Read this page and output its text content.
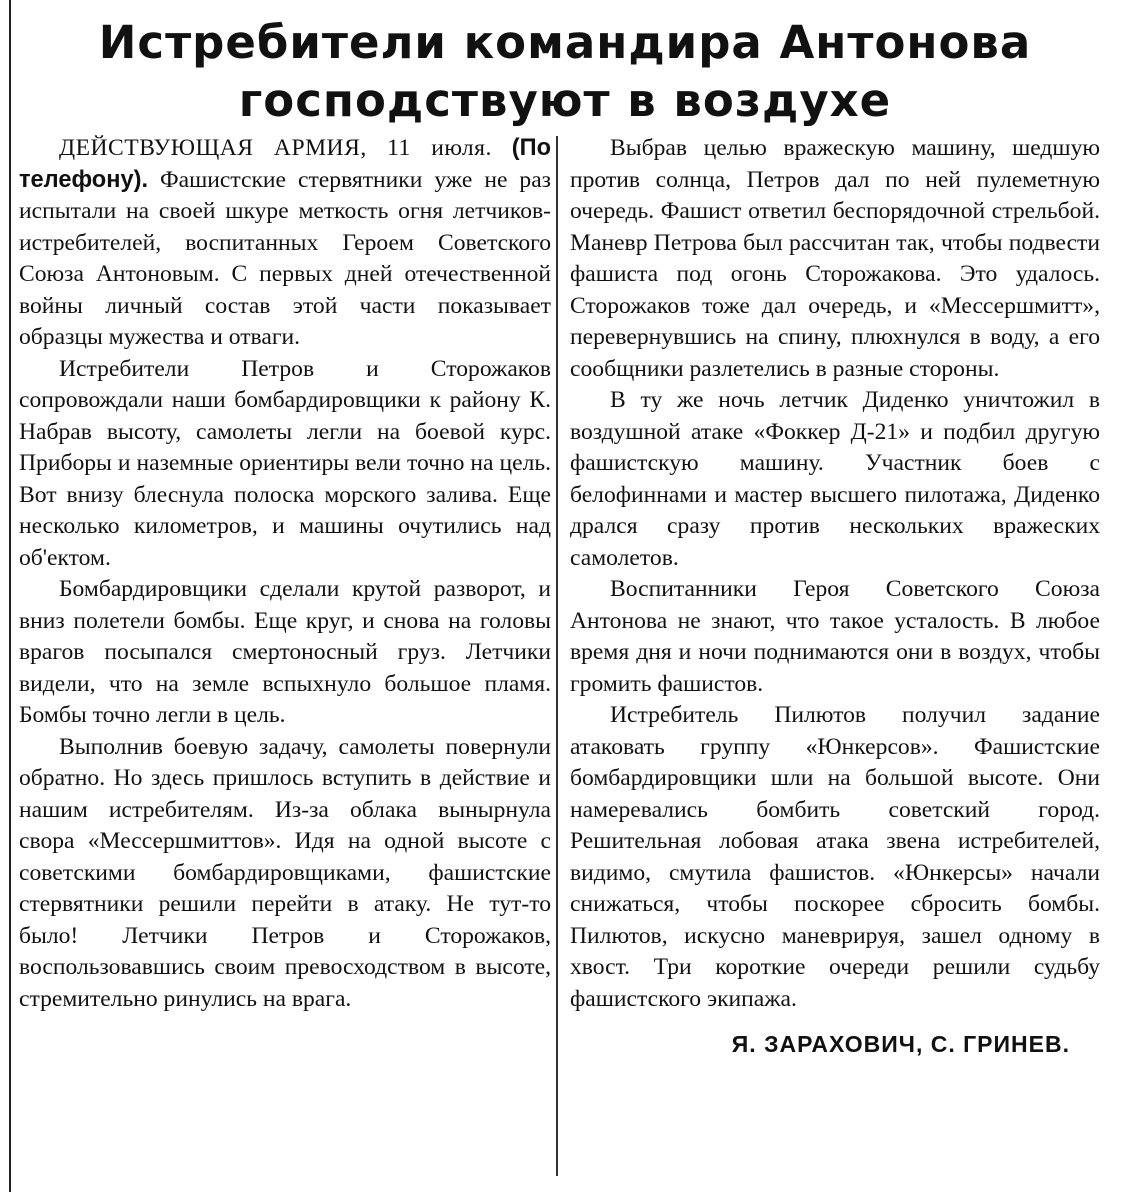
Истребители командира Антонова
господствуют в воздухе

ДЕЙСТВУЮЩАЯ АРМИЯ, 11 июля. (По телефону). Фашистские стервятники уже не раз испытали на своей шкуре меткость огня летчиков-истребителей, воспитанных Героем Советского Союза Антоновым. С первых дней отечественной войны личный состав этой части показывает образцы мужества и отваги.

Истребители Петров и Сторожаков сопровождали наши бомбардировщики к району К. Набрав высоту, самолеты легли на боевой курс. Приборы и наземные ориентиры вели точно на цель. Вот внизу блеснула полоска морского залива. Еще несколько километров, и машины очутились над об'ектом.

Бомбардировщики сделали крутой разворот, и вниз полетели бомбы. Еще круг, и снова на головы врагов посыпался смертоносный груз. Летчики видели, что на земле вспыхнуло большое пламя. Бомбы точно легли в цель.

Выполнив боевую задачу, самолеты повернули обратно. Но здесь пришлось вступить в действие и нашим истребителям. Из-за облака вынырнула свора «Мессершмиттов». Идя на одной высоте с советскими бомбардировщиками, фашистские стервятники решили перейти в атаку. Не тут-то было! Летчики Петров и Сторожаков, воспользовавшись своим превосходством в высоте, стремительно ринулись на врага.

Выбрав целью вражескую машину, шедшую против солнца, Петров дал по ней пулеметную очередь. Фашист ответил беспорядочной стрельбой. Маневр Петрова был рассчитан так, чтобы подвести фашиста под огонь Сторожакова. Это удалось. Сторожаков тоже дал очередь, и «Мессершмитт», перевернувшись на спину, плюхнулся в воду, а его сообщники разлетелись в разные стороны.

В ту же ночь летчик Диденко уничтожил в воздушной атаке «Фоккер Д-21» и подбил другую фашистскую машину. Участник боев с белофиннами и мастер высшего пилотажа, Диденко дрался сразу против нескольких вражеских самолетов.

Воспитанники Героя Советского Союза Антонова не знают, что такое усталость. В любое время дня и ночи поднимаются они в воздух, чтобы громить фашистов.

Истребитель Пилютов получил задание атаковать группу «Юнкерсов». Фашистские бомбардировщики шли на большой высоте. Они намеревались бомбить советский город. Решительная лобовая атака звена истребителей, видимо, смутила фашистов. «Юнкерсы» начали снижаться, чтобы поскорее сбросить бомбы. Пилютов, искусно маневрируя, зашел одному в хвост. Три короткие очереди решили судьбу фашистского экипажа.

Я. ЗАРАХОВИЧ, С. ГРИНЕВ.
